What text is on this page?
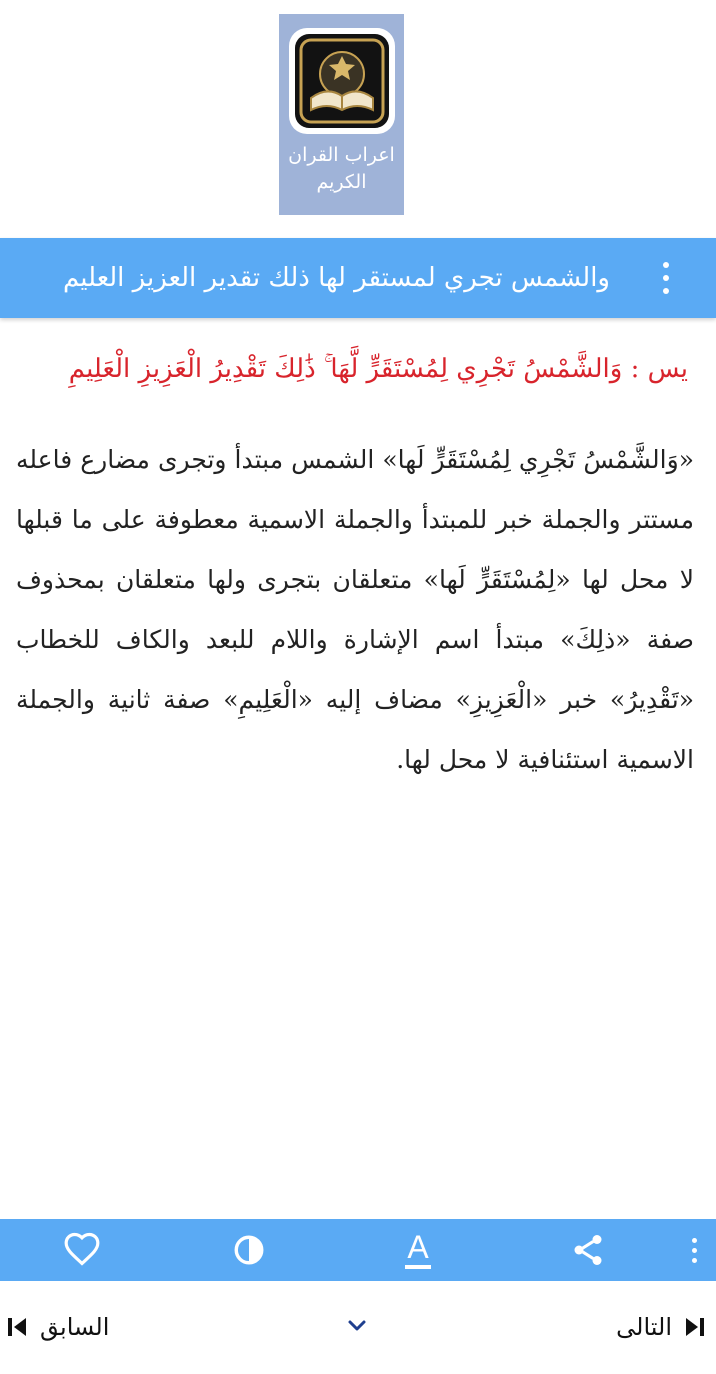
اعراب القران الكريم
والشمس تجري لمستقر لها ذلك تقدير العزيز العليم
يس : وَالشَّمْسُ تَجْرِي لِمُسْتَقَرٍّ لَّهَا ۚ ذَٰلِكَ تَقْدِيرُ الْعَزِيزِ الْعَلِيمِ
«وَالشَّمْسُ تَجْرِي لِمُسْتَقَرٍّ لَها» الشمس مبتدأ وتجرى مضارع فاعله مستتر والجملة خبر للمبتدأ والجملة الاسمية معطوفة على ما قبلها لا محل لها «لِمُسْتَقَرٍّ لَها» متعلقان بتجرى ولها متعلقان بمحذوف صفة «ذلِكَ» مبتدأ اسم الإشارة واللام للبعد والكاف للخطاب «تَقْدِيرُ» خبر «الْعَزِيزِ» مضاف إليه «الْعَلِيمِ» صفة ثانية والجملة الاسمية استئنافية لا محل لها.
A
التالى
السابق
